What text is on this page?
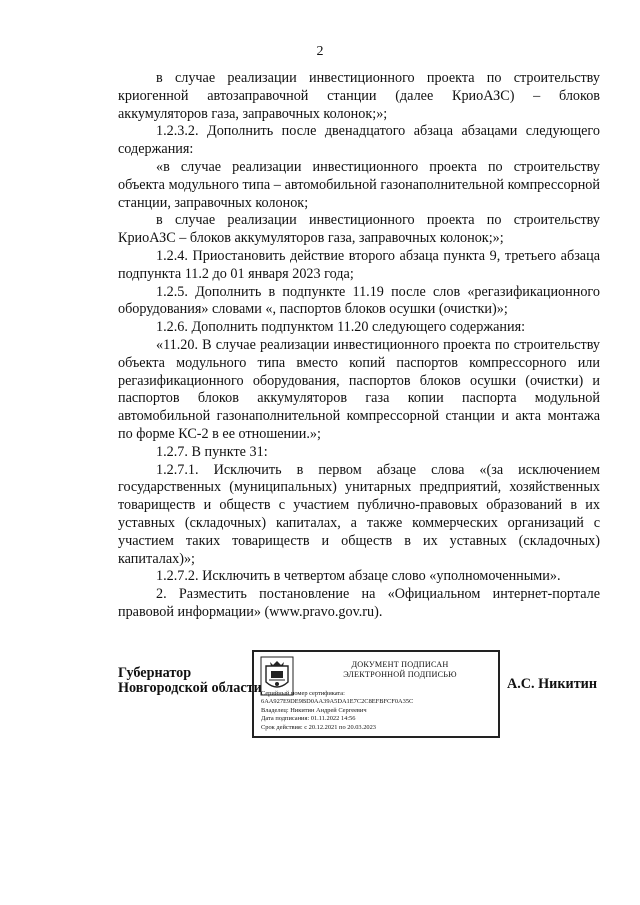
2

в случае реализации инвестиционного проекта по строительству криогенной автозаправочной станции (далее КриоАЗС) – блоков аккумуляторов газа, заправочных колонок;»;

1.2.3.2. Дополнить после двенадцатого абзаца абзацами следующего содержания:

«в случае реализации инвестиционного проекта по строительству объекта модульного типа – автомобильной газонаполнительной компрессорной станции, заправочных колонок;

в случае реализации инвестиционного проекта по строительству КриоАЗС – блоков аккумуляторов газа, заправочных колонок;»;

1.2.4. Приостановить действие второго абзаца пункта 9, третьего абзаца подпункта 11.2 до 01 января 2023 года;

1.2.5. Дополнить в подпункте 11.19 после слов «регазификационного оборудования» словами «, паспортов блоков осушки (очистки)»;

1.2.6. Дополнить подпунктом 11.20 следующего содержания:

«11.20. В случае реализации инвестиционного проекта по строительству объекта модульного типа вместо копий паспортов компрессорного или регазификационного оборудования, паспортов блоков осушки (очистки) и паспортов блоков аккумуляторов газа копии паспорта модульной автомобильной газонаполнительной компрессорной станции и акта монтажа по форме КС-2 в ее отношении.»;

1.2.7. В пункте 31:

1.2.7.1. Исключить в первом абзаце слова «(за исключением государственных (муниципальных) унитарных предприятий, хозяйственных товариществ и обществ с участием публично-правовых образований в их уставных (складочных) капиталах, а также коммерческих организаций с участием таких товариществ и обществ в их уставных (складочных) капиталах)»;

1.2.7.2. Исключить в четвертом абзаце слово «уполномоченными».

2. Разместить постановление на «Официальном интернет-портале правовой информации» (www.pravo.gov.ru).

Губернатор
Новгородской области
ДОКУМЕНТ ПОДПИСАН
ЭЛЕКТРОННОЙ ПОДПИСЬЮ
Серийный номер сертификата:
6AA927E9DE9BD0AA39A5DA1E7C2C8EFBFCF0A35C
Владелец: Никитин Андрей Сергеевич
Дата подписания: 01.11.2022 14:56
Срок действия: с 20.12.2021 по 20.03.2023
А.С. Никитин
